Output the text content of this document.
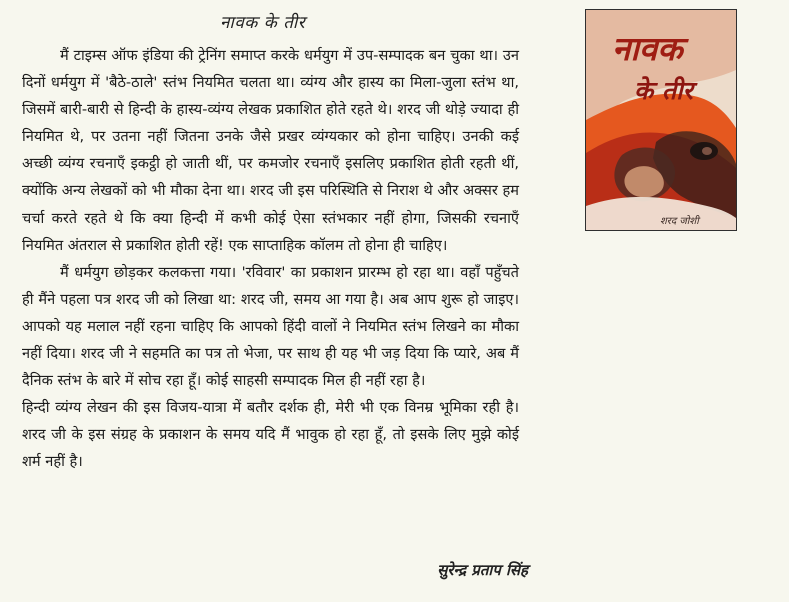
नावक के तीर

मैं टाइम्स ऑफ इंडिया की ट्रेनिंग समाप्त करके धर्मयुग में उप-सम्पादक बन चुका था। उन दिनों धर्मयुग में 'बैठे-ठाले' स्तंभ नियमित चलता था। व्यंग्य और हास्य का मिला-जुला स्तंभ था, जिसमें बारी-बारी से हिन्दी के हास्य-व्यंग्य लेखक प्रकाशित होते रहते थे। शरद जी थोड़े ज्यादा ही नियमित थे, पर उतना नहीं जितना उनके जैसे प्रखर व्यंग्यकार को होना चाहिए। उनकी कई अच्छी व्यंग्य रचनाएँ इकट्ठी हो जाती थीं, पर कमजोर रचनाएँ इसलिए प्रकाशित होती रहती थीं, क्योंकि अन्य लेखकों को भी मौका देना था। शरद जी इस परिस्थिति से निराश थे और अक्सर हम चर्चा करते रहते थे कि क्या हिन्दी में कभी कोई ऐसा स्तंभकार नहीं होगा, जिसकी रचनाएँ नियमित अंतराल से प्रकाशित होती रहें! एक साप्ताहिक कॉलम तो होना ही चाहिए।

मैं धर्मयुग छोड़कर कलकत्ता गया। 'रविवार' का प्रकाशन प्रारम्भ हो रहा था। वहाँ पहुँचते ही मैंने पहला पत्र शरद जी को लिखा था: शरद जी, समय आ गया है। अब आप शुरू हो जाइए। आपको यह मलाल नहीं रहना चाहिए कि आपको हिंदी वालों ने नियमित स्तंभ लिखने का मौका नहीं दिया। शरद जी ने सहमति का पत्र तो भेजा, पर साथ ही यह भी जड़ दिया कि प्यारे, अब मैं दैनिक स्तंभ के बारे में सोच रहा हूँ। कोई साहसी सम्पादक मिल ही नहीं रहा है।

हिन्दी व्यंग्य लेखन की इस विजय-यात्रा में बतौर दर्शक ही, मेरी भी एक विनम्र भूमिका रही है। शरद जी के इस संग्रह के प्रकाशन के समय यदि मैं भावुक हो रहा हूँ, तो इसके लिए मुझे कोई शर्म नहीं है।

सुरेन्द्र प्रताप सिंह
नावक
के तीर
शरद जोशी
